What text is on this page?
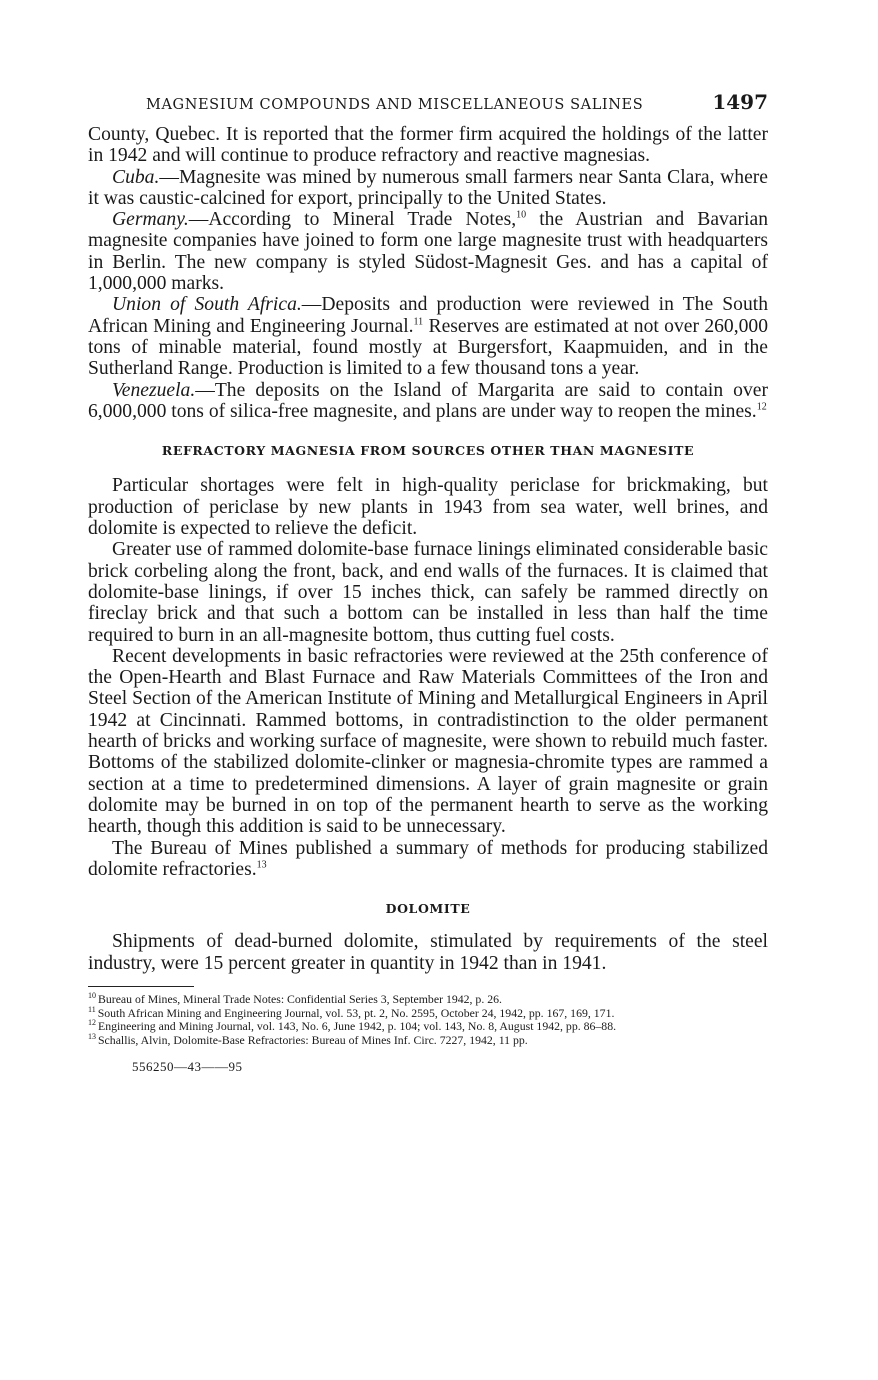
MAGNESIUM COMPOUNDS AND MISCELLANEOUS SALINES	1497

County, Quebec. It is reported that the former firm acquired the holdings of the latter in 1942 and will continue to produce refractory and reactive magnesias.

Cuba.—Magnesite was mined by numerous small farmers near Santa Clara, where it was caustic-calcined for export, principally to the United States.

Germany.—According to Mineral Trade Notes,$^{10}$ the Austrian and Bavarian magnesite companies have joined to form one large magnesite trust with headquarters in Berlin. The new company is styled Südost-Magnesit Ges. and has a capital of 1,000,000 marks.

Union of South Africa.—Deposits and production were reviewed in The South African Mining and Engineering Journal.$^{11}$ Reserves are estimated at not over 260,000 tons of minable material, found mostly at Burgersfort, Kaapmuiden, and in the Sutherland Range. Production is limited to a few thousand tons a year.

Venezuela.—The deposits on the Island of Margarita are said to contain over 6,000,000 tons of silica-free magnesite, and plans are under way to reopen the mines.$^{12}$

REFRACTORY MAGNESIA FROM SOURCES OTHER THAN MAGNESITE

Particular shortages were felt in high-quality periclase for brickmaking, but production of periclase by new plants in 1943 from sea water, well brines, and dolomite is expected to relieve the deficit.

Greater use of rammed dolomite-base furnace linings eliminated considerable basic brick corbeling along the front, back, and end walls of the furnaces. It is claimed that dolomite-base linings, if over 15 inches thick, can safely be rammed directly on fireclay brick and that such a bottom can be installed in less than half the time required to burn in an all-magnesite bottom, thus cutting fuel costs.

Recent developments in basic refractories were reviewed at the 25th conference of the Open-Hearth and Blast Furnace and Raw Materials Committees of the Iron and Steel Section of the American Institute of Mining and Metallurgical Engineers in April 1942 at Cincinnati. Rammed bottoms, in contradistinction to the older permanent hearth of bricks and working surface of magnesite, were shown to rebuild much faster. Bottoms of the stabilized dolomite-clinker or magnesia-chromite types are rammed a section at a time to predetermined dimensions. A layer of grain magnesite or grain dolomite may be burned in on top of the permanent hearth to serve as the working hearth, though this addition is said to be unnecessary.

The Bureau of Mines published a summary of methods for producing stabilized dolomite refractories.$^{13}$

DOLOMITE

Shipments of dead-burned dolomite, stimulated by requirements of the steel industry, were 15 percent greater in quantity in 1942 than in 1941.

$^{10}$ Bureau of Mines, Mineral Trade Notes: Confidential Series 3, September 1942, p. 26.

$^{11}$ South African Mining and Engineering Journal, vol. 53, pt. 2, No. 2595, October 24, 1942, pp. 167, 169, 171.

$^{12}$ Engineering and Mining Journal, vol. 143, No. 6, June 1942, p. 104; vol. 143, No. 8, August 1942, pp. 86–88.

$^{13}$ Schallis, Alvin, Dolomite-Base Refractories: Bureau of Mines Inf. Circ. 7227, 1942, 11 pp.

556250—43——95
